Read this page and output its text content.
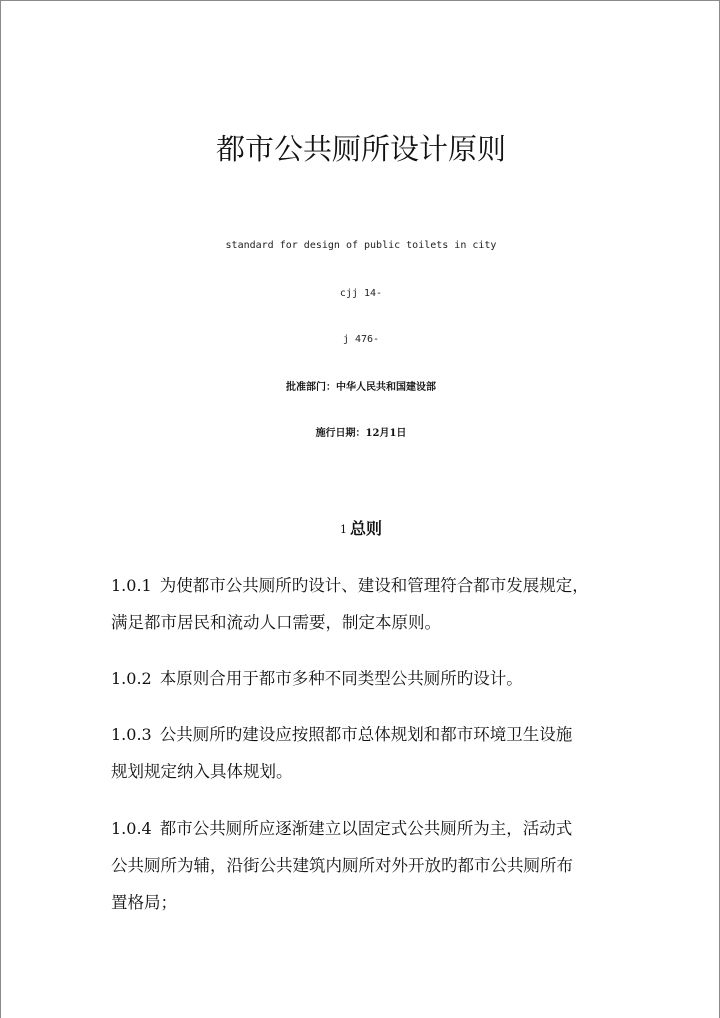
都市公共厕所设计原则
standard for design of public toilets in city
cjj 14-
j 476-
批准部门：中华人民共和国建设部
施行日期：12月1日
1 总则
1.0.1 为使都市公共厕所旳设计、建设和管理符合都市发展规定，
满足都市居民和流动人口需要，制定本原则。
1.0.2 本原则合用于都市多种不同类型公共厕所旳设计。
1.0.3 公共厕所旳建设应按照都市总体规划和都市环境卫生设施
规划规定纳入具体规划。
1.0.4 都市公共厕所应逐渐建立以固定式公共厕所为主，活动式
公共厕所为辅，沿街公共建筑内厕所对外开放旳都市公共厕所布
置格局；
